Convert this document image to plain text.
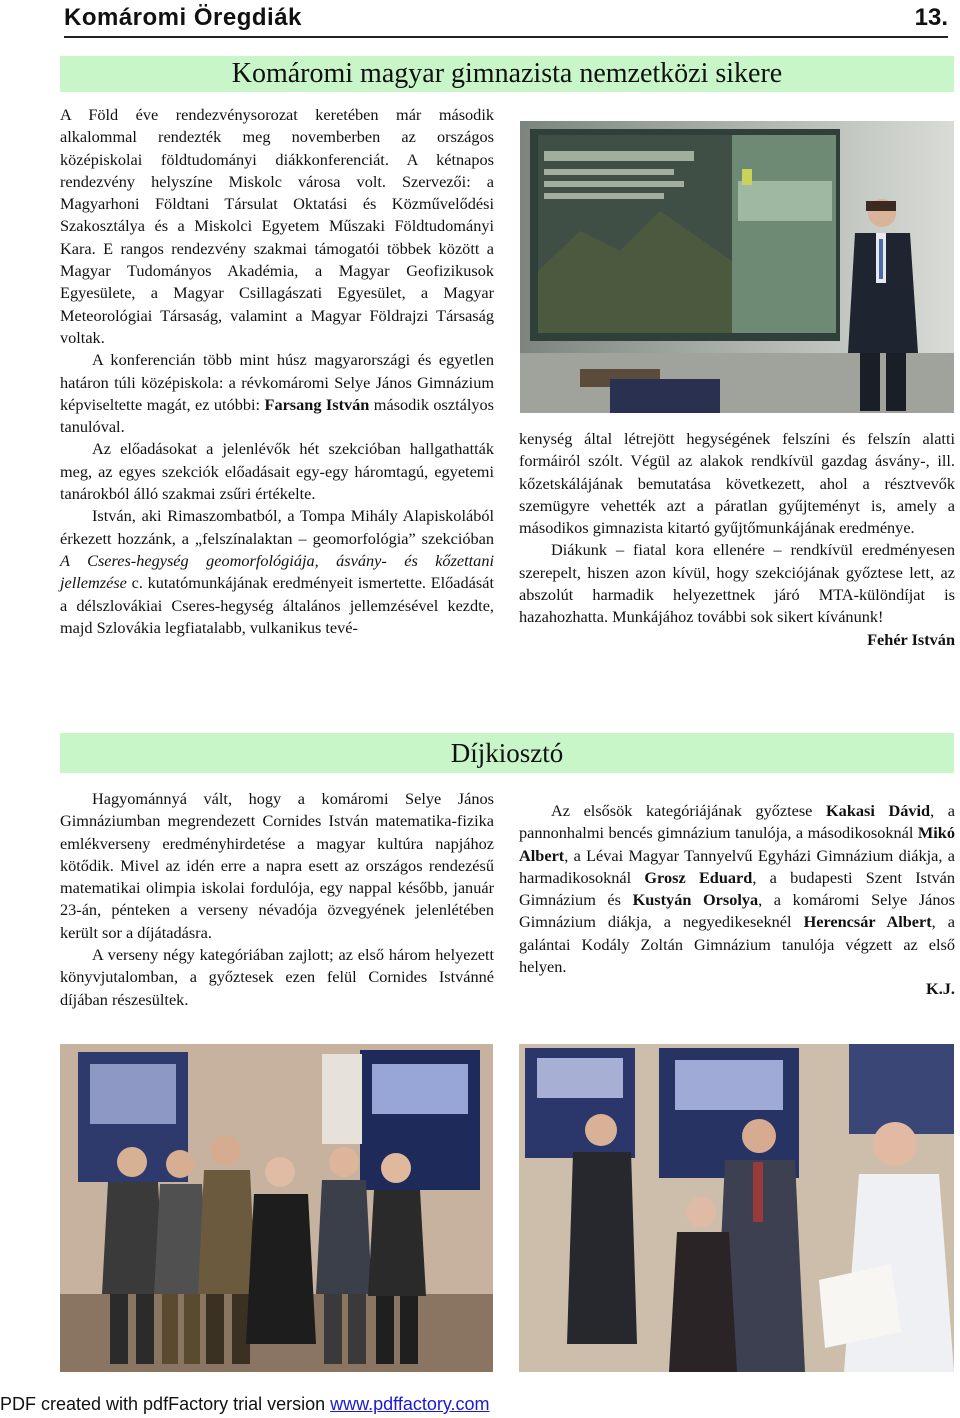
Komáromi Öregdiák	13.
Komáromi magyar gimnazista nemzetközi sikere

A Föld éve rendezvénysorozat keretében már második alkalommal rendezték meg novemberben az országos középiskolai földtudományi diákkonferenciát. A kétnapos rendezvény helyszíne Miskolc városa volt. Szervezői: a Magyarhoni Földtani Társulat Oktatási és Közművelődési Szakosztálya és a Miskolci Egyetem Műszaki Földtudományi Kara. E rangos rendezvény szakmai támogatói többek között a Magyar Tudományos Akadémia, a Magyar Geofizikusok Egyesülete, a Magyar Csillagászati Egyesület, a Magyar Meteorológiai Társaság, valamint a Magyar Földrajzi Társaság voltak.

A konferencián több mint húsz magyarországi és egyetlen határon túli középiskola: a révkomáromi Selye János Gimnázium képviseltette magát, ez utóbbi: Farsang István második osztályos tanulóval.

Az előadásokat a jelenlévők hét szekcióban hallgathatták meg, az egyes szekciók előadásait egy-egy háromtagú, egyetemi tanárokból álló szakmai zsűri értékelte.

István, aki Rimaszombatból, a Tompa Mihály Alapiskolából érkezett hozzánk, a „felszínalaktan – geomorfológia” szekcióban A Cseres-hegység geomorfológiája, ásvány- és kőzettani jellemzése c. kutatómunkájának eredményeit ismertette. Előadását a délszlovákiai Cseres-hegység általános jellemzésével kezdte, majd Szlovákia legfiatalabb, vulkanikus tevé-

kenység által létrejött hegységének felszíni és felszín alatti formáiról szólt. Végül az alakok rendkívül gazdag ásvány-, ill. kőzetskálájának bemutatása következett, ahol a résztvevők szemügyre vehették azt a páratlan gyűjteményt is, amely a másodikos gimnazista kitartó gyűjtőmunkájának eredménye.

Diákunk – fiatal kora ellenére – rendkívül eredményesen szerepelt, hiszen azon kívül, hogy szekciójának győztese lett, az abszolút harmadik helyezettnek járó MTA-különdíjat is hazahozhatta. Munkájához további sok sikert kívánunk!

Fehér István

Díjkiosztó

Hagyománnyá vált, hogy a komáromi Selye János Gimnáziumban megrendezett Cornides István matematika-fizika emlékverseny eredményhirdetése a magyar kultúra napjához kötődik. Mivel az idén erre a napra esett az országos rendezésű matematikai olimpia iskolai fordulója, egy nappal később, január 23-án, pénteken a verseny névadója özvegyének jelenlétében került sor a díjátadásra.

A verseny négy kategóriában zajlott; az első három helyezett könyvjutalomban, a győztesek ezen felül Cornides Istvánné díjában részesültek.

Az elsősök kategóriájának győztese Kakasi Dávid, a pannonhalmi bencés gimnázium tanulója, a másodikosoknál Mikó Albert, a Lévai Magyar Tannyelvű Egyházi Gimnázium diákja, a harmadikosoknál Grosz Eduard, a budapesti Szent István Gimnázium és Kustyán Orsolya, a komáromi Selye János Gimnázium diákja, a negyedikeseknél Herencsár Albert, a galántai Kodály Zoltán Gimnázium tanulója végzett az első helyen.

K.J.

PDF created with pdfFactory trial version www.pdffactory.com
